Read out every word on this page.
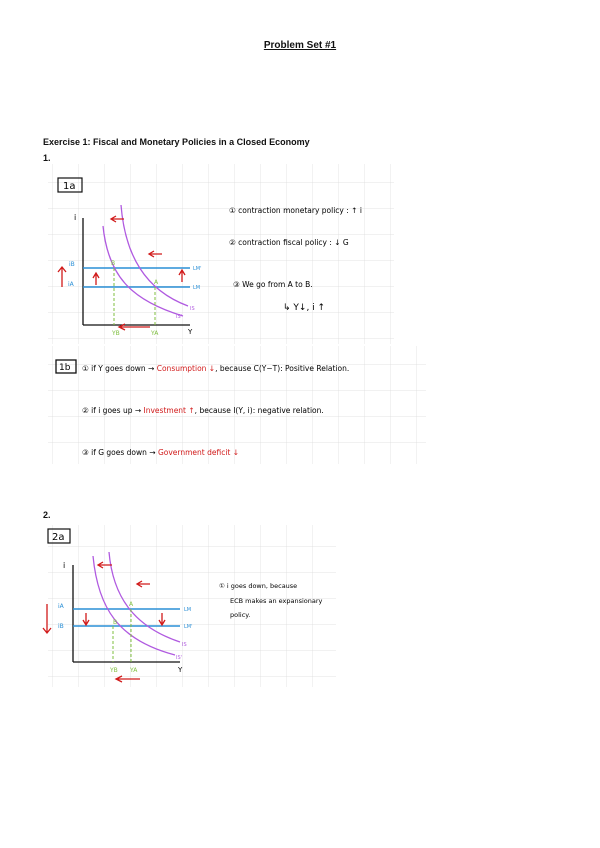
Problem Set #1
Exercise 1: Fiscal and Monetary Policies in a Closed Economy
1.
2.
1a
i
Y
LM'
LM
IS
IS'
B
A
YB	YA
iB
iA
① contraction monetary policy : ↑ i
② contraction fiscal policy : ↓ G
③ We go from A to B.
↳ Y↓, i ↑
1b ① if Y goes down → Consumption ↓, because C(Y−T): Positive Relation.
② if i goes up → Investment ↑, because I(Y, i): negative relation.
③ if G goes down → Government deficit ↓
2a
i
Y
LM
LM'
IS
IS'
A
B
YB YA
iA
iB
① i goes down, because
ECB makes an expansionary
policy.
